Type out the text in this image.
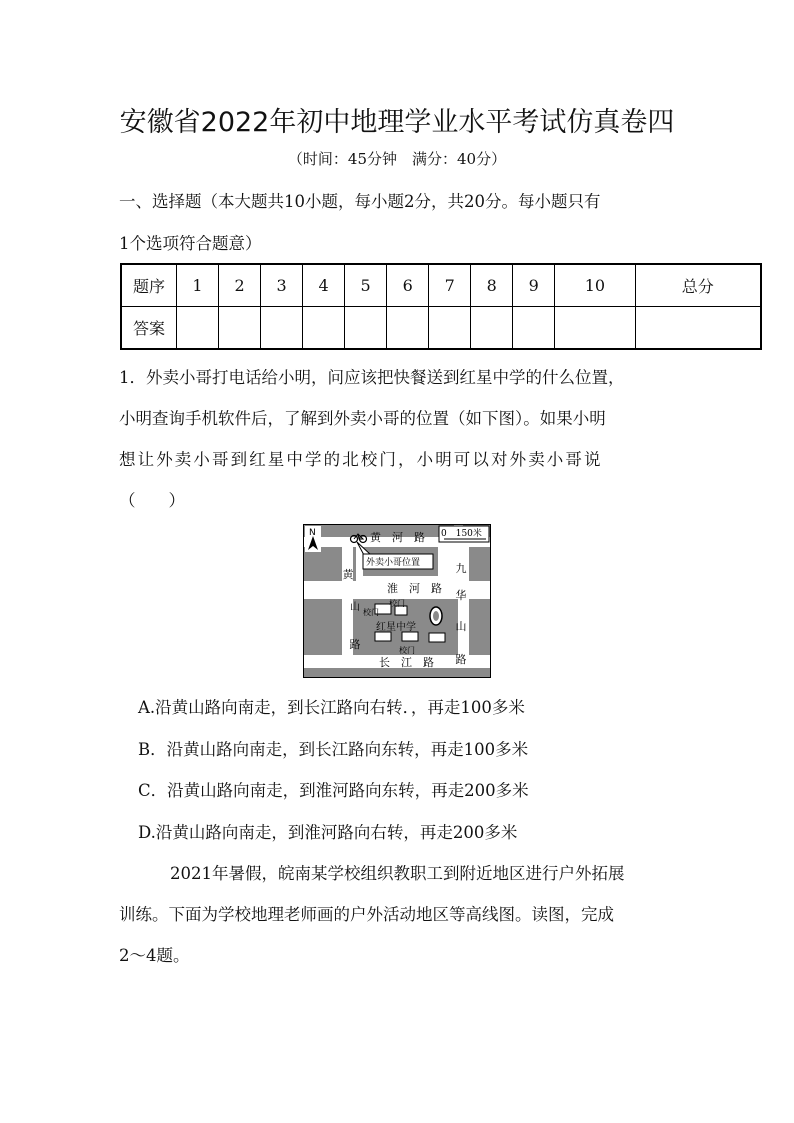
安徽省2022年初中地理学业水平考试仿真卷四
（时间：45分钟　满分：40分）
一、选择题（本大题共10小题，每小题2分，共20分。每小题只有
1个选项符合题意）
题序	1	2	3	4	5	6	7	8	9	10	总分
答案											
1．外卖小哥打电话给小明，问应该把快餐送到红星中学的什么位置，
小明查询手机软件后，了解到外卖小哥的位置（如下图）。如果小明
想让外卖小哥到红星中学的北校门，小明可以对外卖小哥说
（　　）
N	0　150米
黄　河　路
淮　河　路
长　江　路
黄
山
路
九
华
山
路
外卖小哥位置
校门
校门
红星中学
校门
A.沿黄山路向南走，到长江路向右转．，再走100多米
B．沿黄山路向南走，到长江路向东转，再走100多米
C．沿黄山路向南走，到淮河路向东转，再走200多米
D.沿黄山路向南走，到淮河路向右转，再走200多米
2021年暑假，皖南某学校组织教职工到附近地区进行户外拓展
训练。下面为学校地理老师画的户外活动地区等高线图。读图，完成
2～4题。
